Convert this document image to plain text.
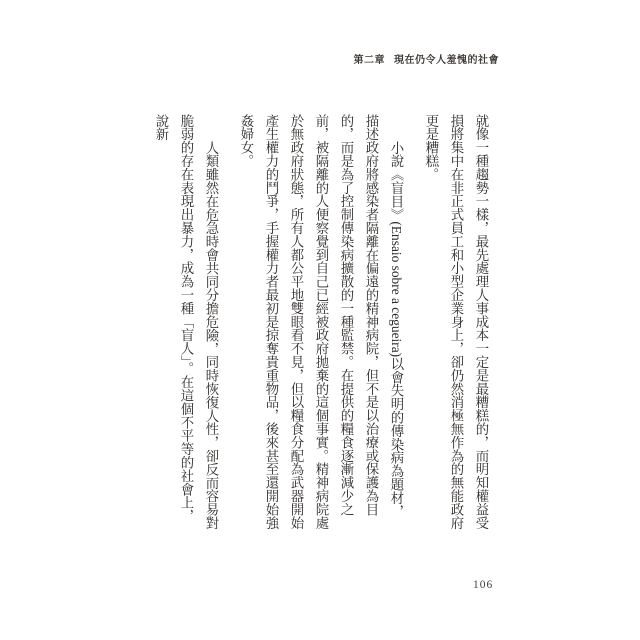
第二章 現在仍令人羞愧的社會

就像一種趨勢一樣，最先處理人事成本一定是最糟糕的，而明知權益受損將集中在非正式員工和小型企業身上，卻仍然消極無作為的無能政府更是糟糕。

小說《盲目》(Ensaio sobre a cegueira)以會失明的傳染病為題材，描述政府將感染者隔離在偏遠的精神病院，但不是以治療或保護為目的，而是為了控制傳染病擴散的一種監禁。在提供的糧食逐漸減少之前，被隔離的人便察覺到自己已經被政府拋棄的這個事實。精神病院處於無政府狀態，所有人都公平地雙眼看不見，但以糧食分配為武器開始產生權力的鬥爭，手握權力者最初是掠奪貴重物品，後來甚至還開始強姦婦女。

人類雖然在危急時會共同分擔危險，同時恢復人性，卻反而容易對脆弱的存在表現出暴力，成為一種「盲人」。在這個不平等的社會上，說新

106
